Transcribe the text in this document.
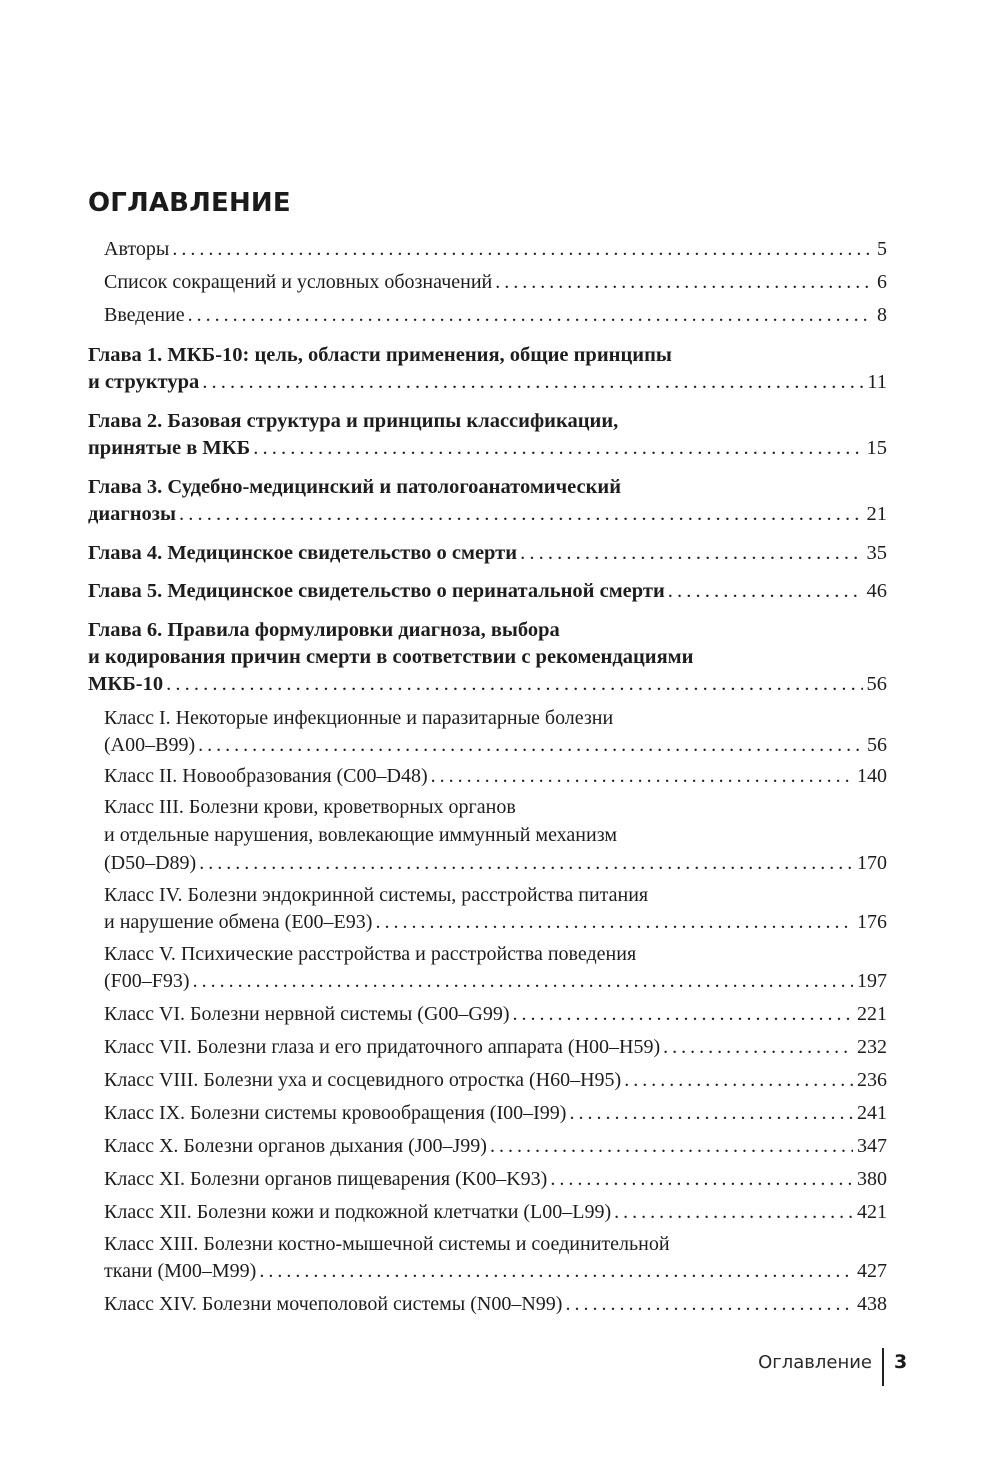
ОГЛАВЛЕНИЕ
Авторы . . .	5
Список сокращений и условных обозначений . . .	6
Введение . . .	8
Глава 1. МКБ-10: цель, области применения, общие принципы
и структура . . .	11
Глава 2. Базовая структура и принципы классификации,
принятые в МКБ . . .	15
Глава 3. Судебно-медицинский и патологоанатомический
диагнозы . . .	21
Глава 4. Медицинское свидетельство о смерти . . .	35
Глава 5. Медицинское свидетельство о перинатальной смерти . . .	46
Глава 6. Правила формулировки диагноза, выбора
и кодирования причин смерти в соответствии с рекомендациями
МКБ-10 . . .	56
Класс I. Некоторые инфекционные и паразитарные болезни
(A00–B99) . . .	56
Класс II. Новообразования (C00–D48) . . .	140
Класс III. Болезни крови, кроветворных органов
и отдельные нарушения, вовлекающие иммунный механизм
(D50–D89) . . .	170
Класс IV. Болезни эндокринной системы, расстройства питания
и нарушение обмена (E00–E93) . . .	176
Класс V. Психические расстройства и расстройства поведения
(F00–F93) . . .	197
Класс VI. Болезни нервной системы (G00–G99) . . .	221
Класс VII. Болезни глаза и его придаточного аппарата (H00–H59) . . .	232
Класс VIII. Болезни уха и сосцевидного отростка (H60–H95) . . .	236
Класс IX. Болезни системы кровообращения (I00–I99) . . .	241
Класс X. Болезни органов дыхания (J00–J99) . . .	347
Класс XI. Болезни органов пищеварения (K00–K93) . . .	380
Класс XII. Болезни кожи и подкожной клетчатки (L00–L99) . . .	421
Класс XIII. Болезни костно-мышечной системы и соединительной
ткани (M00–M99) . . .	427
Класс XIV. Болезни мочеполовой системы (N00–N99) . . .	438
Оглавление 3
